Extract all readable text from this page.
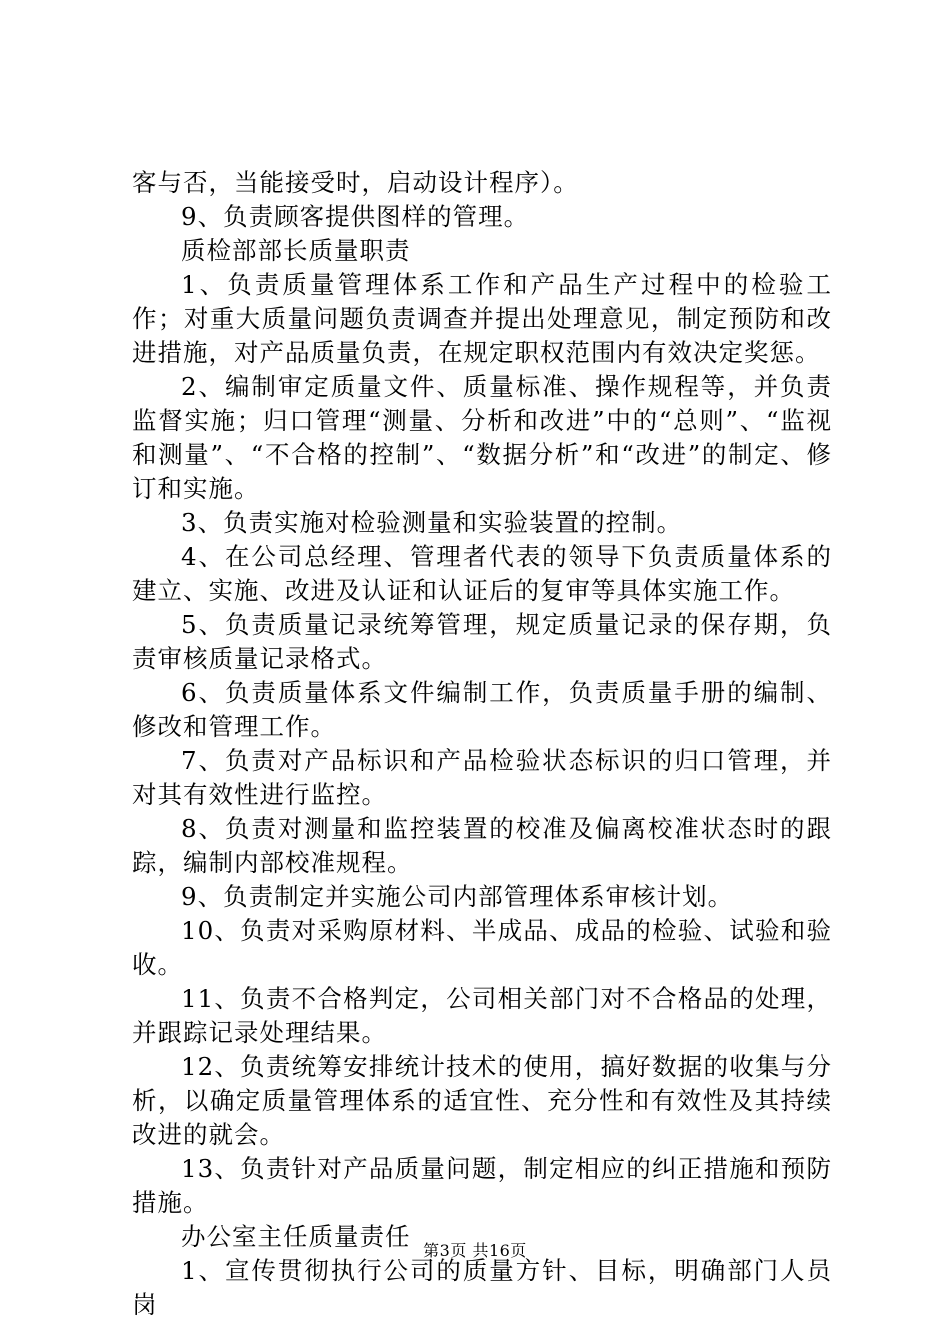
客与否，当能接受时，启动设计程序）。

9、负责顾客提供图样的管理。

质检部部长质量职责

1、负责质量管理体系工作和产品生产过程中的检验工作；对重大质量问题负责调查并提出处理意见，制定预防和改进措施，对产品质量负责，在规定职权范围内有效决定奖惩。

2、编制审定质量文件、质量标准、操作规程等，并负责监督实施；归口管理“测量、分析和改进”中的“总则”、“监视和测量”、“不合格的控制”、“数据分析”和“改进”的制定、修订和实施。

3、负责实施对检验测量和实验装置的控制。

4、在公司总经理、管理者代表的领导下负责质量体系的建立、实施、改进及认证和认证后的复审等具体实施工作。

5、负责质量记录统筹管理，规定质量记录的保存期，负责审核质量记录格式。

6、负责质量体系文件编制工作，负责质量手册的编制、修改和管理工作。

7、负责对产品标识和产品检验状态标识的归口管理，并对其有效性进行监控。

8、负责对测量和监控装置的校准及偏离校准状态时的跟踪，编制内部校准规程。

9、负责制定并实施公司内部管理体系审核计划。

10、负责对采购原材料、半成品、成品的检验、试验和验收。

11、负责不合格判定，公司相关部门对不合格品的处理，并跟踪记录处理结果。

12、负责统筹安排统计技术的使用，搞好数据的收集与分析，以确定质量管理体系的适宜性、充分性和有效性及其持续改进的就会。

13、负责针对产品质量问题，制定相应的纠正措施和预防措施。

办公室主任质量责任

1、宣传贯彻执行公司的质量方针、目标，明确部门人员岗

第3页 共16页
